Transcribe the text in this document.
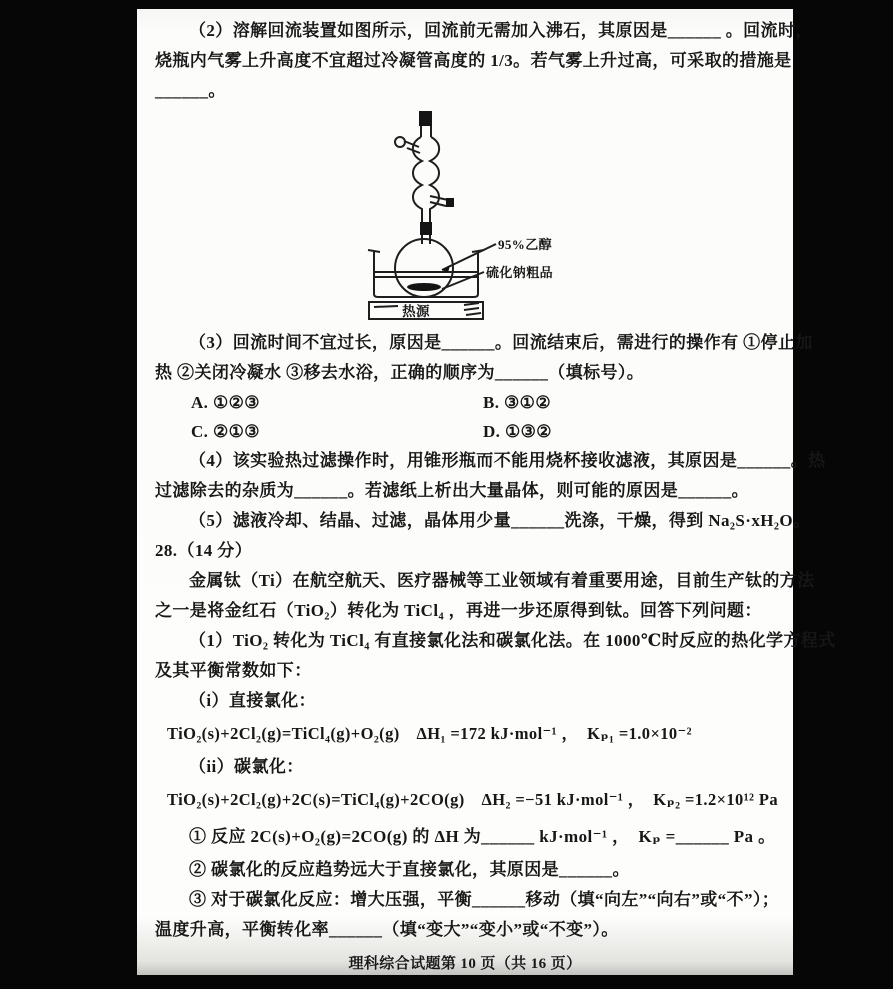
（2）溶解回流装置如图所示，回流前无需加入沸石，其原因是______ 。回流时，
烧瓶内气雾上升高度不宜超过冷凝管高度的 1/3。若气雾上升过高，可采取的措施是
______。
热源
95%乙醇
硫化钠粗品
（3）回流时间不宜过长，原因是______。回流结束后，需进行的操作有 ①停止加
热 ②关闭冷凝水 ③移去水浴，正确的顺序为______（填标号）。
A. ①②③	B. ③①②
C. ②①③	D. ①③②
（4）该实验热过滤操作时，用锥形瓶而不能用烧杯接收滤液，其原因是______。热
过滤除去的杂质为______。若滤纸上析出大量晶体，则可能的原因是______。
（5）滤液冷却、结晶、过滤，晶体用少量______洗涤，干燥，得到 Na₂S·xH₂O。
28.（14 分）
金属钛（Ti）在航空航天、医疗器械等工业领域有着重要用途，目前生产钛的方法
之一是将金红石（TiO₂）转化为 TiCl₄ ，再进一步还原得到钛。回答下列问题：
（1）TiO₂ 转化为 TiCl₄ 有直接氯化法和碳氯化法。在 1000℃时反应的热化学方程式
及其平衡常数如下：
（i）直接氯化：
TiO₂(s)+2Cl₂(g)=TiCl₄(g)+O₂(g)　ΔH₁ =172 kJ·mol⁻¹ ，　Kₚ₁ =1.0×10⁻²
（ii）碳氯化：
TiO₂(s)+2Cl₂(g)+2C(s)=TiCl₄(g)+2CO(g)　ΔH₂ =−51 kJ·mol⁻¹ ，　Kₚ₂ =1.2×10¹² Pa
① 反应 2C(s)+O₂(g)=2CO(g) 的 ΔH 为______ kJ·mol⁻¹ ，　Kₚ =______ Pa 。
② 碳氯化的反应趋势远大于直接氯化，其原因是______。
③ 对于碳氯化反应：增大压强，平衡______移动（填“向左”“向右”或“不”）；
温度升高，平衡转化率______（填“变大”“变小”或“不变”）。
理科综合试题第 10 页（共 16 页）
